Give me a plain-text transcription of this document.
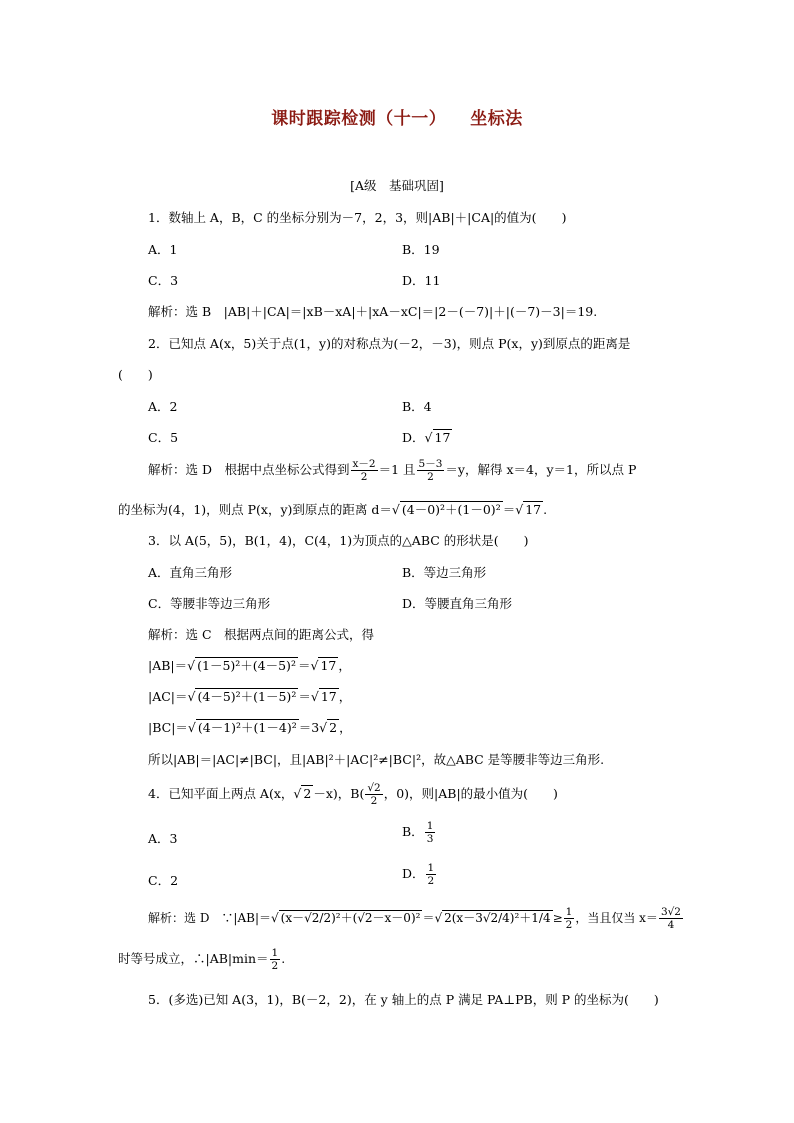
课时跟踪检测（十一） 坐标法
[A级　基础巩固]
1．数轴上 A，B，C 的坐标分别为－7，2，3，则|AB|＋|CA|的值为(　　)
A．1	B．19
C．3	D．11
解析：选 B　|AB|＋|CA|＝|xB－xA|＋|xA－xC|＝|2－(－7)|＋|(－7)－3|＝19.
2．已知点 A(x，5)关于点(1，y)的对称点为(－2，－3)，则点 P(x，y)到原点的距离是
(　　)
A．2	B．4
C．5	D．√ 17
解析：选 D　根据中点坐标公式得到 $\frac{x-2}{2} =1$ 且 $\frac{5-3}{2} =y$，解得 x＝4，y＝1，所以点 P
的坐标为(4，1)，则点 P(x，y)到原点的距离 d＝√ (4－0)²＋(1－0)² ＝√ 17 .
3．以 A(5，5)，B(1，4)，C(4，1)为顶点的△ABC 的形状是(　　)
A．直角三角形	B．等边三角形
C．等腰非等边三角形	D．等腰直角三角形
解析：选 C　根据两点间的距离公式，得
|AB|＝√ (1－5)²＋(4－5)² ＝√ 17 ，
|AC|＝√ (4－5)²＋(1－5)² ＝√ 17 ，
|BC|＝√ (4－1)²＋(1－4)² ＝3√ 2 ，
所以|AB|＝|AC|≠|BC|，且|AB|²＋|AC|²≠|BC|²，故△ABC 是等腰非等边三角形.
4．已知平面上两点 A(x，√ 2 －x)，$B( \frac{√2}{2}$ ，0)，则|AB|的最小值为(　　)
A．3	B． $\frac{1}{3}$
C．2	D． $\frac{1}{2}$
解析：选 D　∵|AB|＝√ (x－√2/2)²＋(√2－x－0)² ＝√ $2(x-3√2/4)^2+1/4 \ge \frac{1}{2}$ ，当且仅当 $x= \frac{3√2}{4}$
时等号成立，∴|AB|min＝ $\frac{1}{2}$ .
5．(多选)已知 A(3，1)，B(－2，2)，在 y 轴上的点 P 满足 PA⊥PB，则 P 的坐标为(　　)
